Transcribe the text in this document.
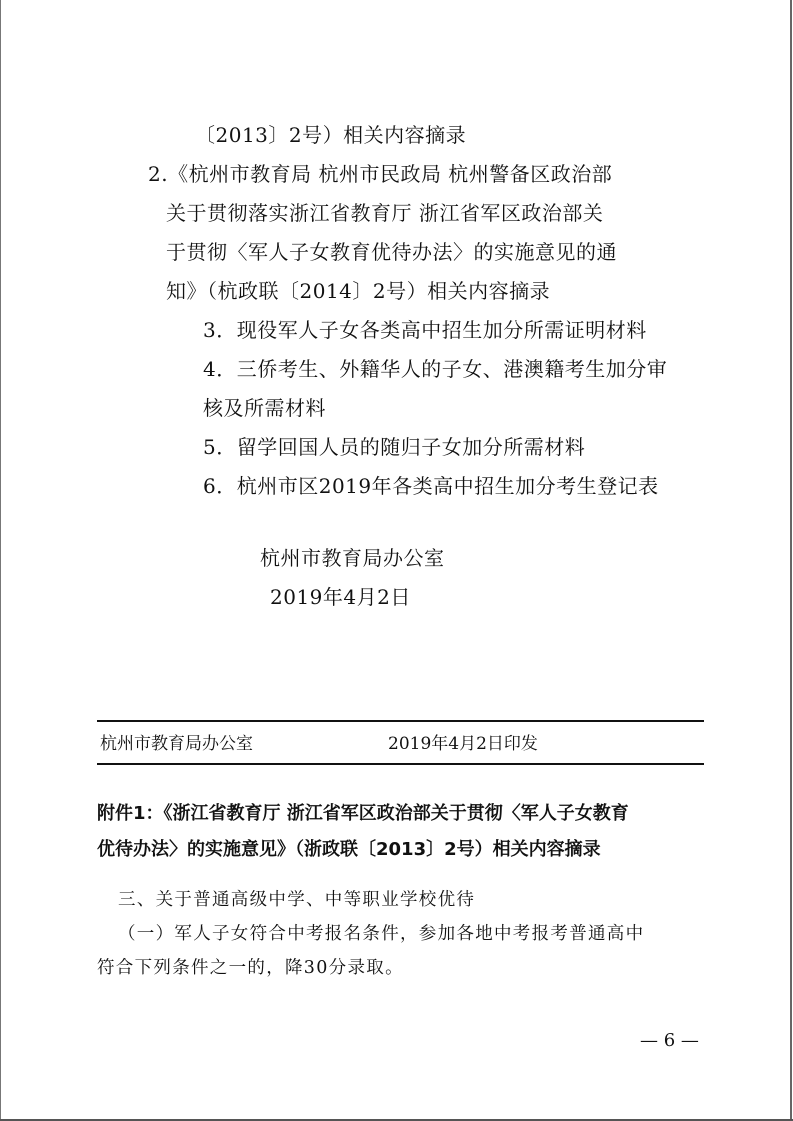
〔2013〕2号）相关内容摘录
2.《杭州市教育局 杭州市民政局 杭州警备区政治部
关于贯彻落实浙江省教育厅 浙江省军区政治部关
于贯彻〈军人子女教育优待办法〉的实施意见的通
知》（杭政联〔2014〕2号）相关内容摘录
3．现役军人子女各类高中招生加分所需证明材料
4．三侨考生、外籍华人的子女、港澳籍考生加分审
核及所需材料
5．留学回国人员的随归子女加分所需材料
6．杭州市区2019年各类高中招生加分考生登记表
杭州市教育局办公室
2019年4月2日
杭州市教育局办公室	2019年4月2日印发
附件1：《浙江省教育厅 浙江省军区政治部关于贯彻〈军人子女教育
优待办法〉的实施意见》（浙政联〔2013〕2号）相关内容摘录
三、关于普通高级中学、中等职业学校优待
（一）军人子女符合中考报名条件，参加各地中考报考普通高中
符合下列条件之一的，降30分录取。
— 6 —
